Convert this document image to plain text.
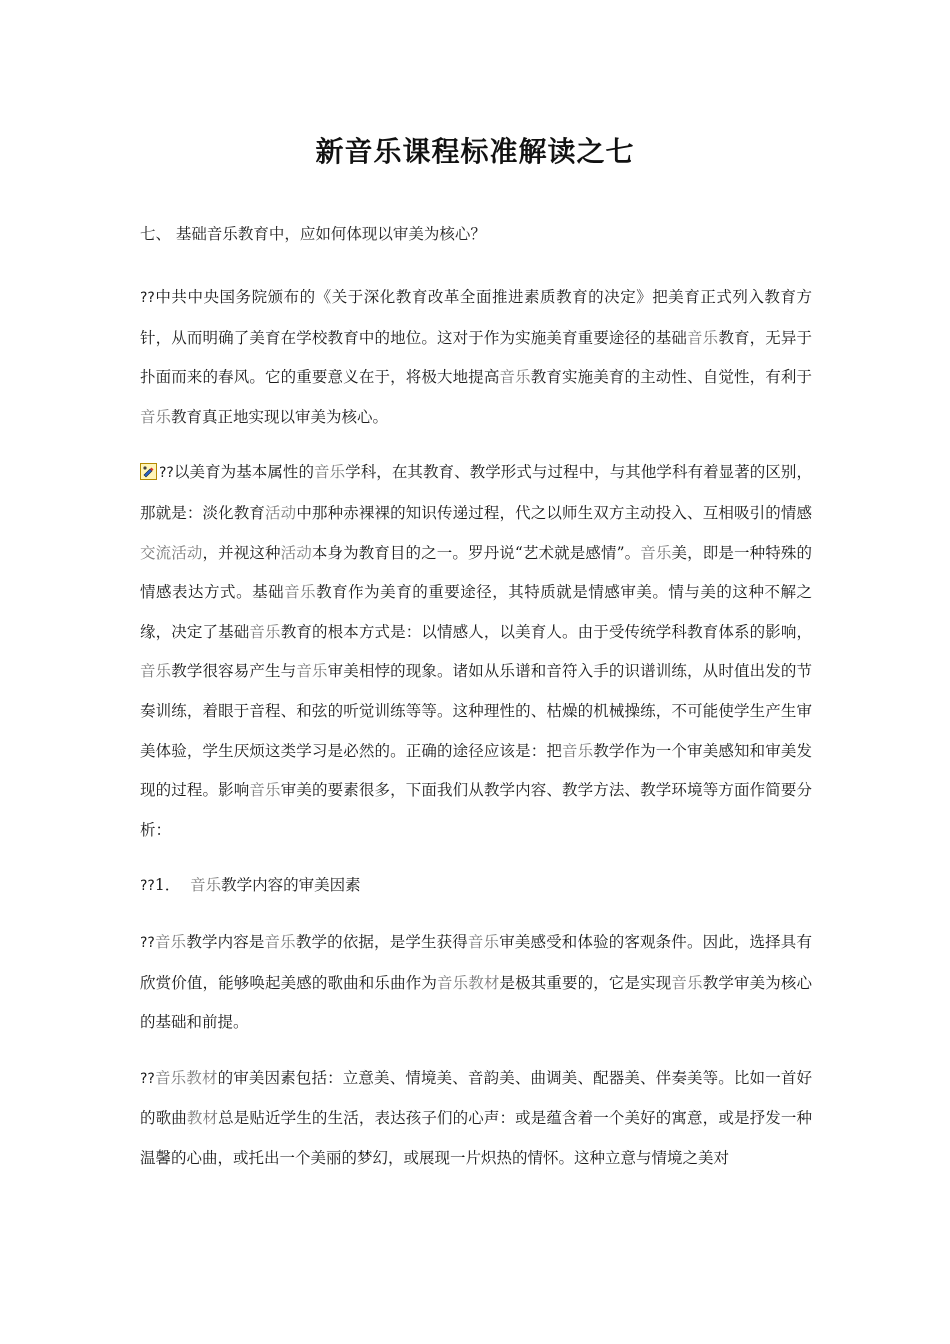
新音乐课程标准解读之七
七、 基础音乐教育中，应如何体现以审美为核心？

??中共中央国务院颁布的《关于深化教育改革全面推进素质教育的决定》把美育正式列入教育方针，从而明确了美育在学校教育中的地位。这对于作为实施美育重要途径的基础音乐教育，无异于扑面而来的春风。它的重要意义在于，将极大地提高音乐教育实施美育的主动性、自觉性，有利于音乐教育真正地实现以审美为核心。

??以美育为基本属性的音乐学科，在其教育、教学形式与过程中，与其他学科有着显著的区别，那就是：淡化教育活动中那种赤裸裸的知识传递过程，代之以师生双方主动投入、互相吸引的情感交流活动，并视这种活动本身为教育目的之一。罗丹说“艺术就是感情”。音乐美，即是一种特殊的情感表达方式。基础音乐教育作为美育的重要途径，其特质就是情感审美。情与美的这种不解之缘，决定了基础音乐教育的根本方式是：以情感人，以美育人。由于受传统学科教育体系的影响，音乐教学很容易产生与音乐审美相悖的现象。诸如从乐谱和音符入手的识谱训练，从时值出发的节奏训练，着眼于音程、和弦的听觉训练等等。这种理性的、枯燥的机械操练，不可能使学生产生审美体验，学生厌烦这类学习是必然的。正确的途径应该是：把音乐教学作为一个审美感知和审美发现的过程。影响音乐审美的要素很多，下面我们从教学内容、教学方法、教学环境等方面作简要分析：

??1． 音乐教学内容的审美因素

??音乐教学内容是音乐教学的依据，是学生获得音乐审美感受和体验的客观条件。因此，选择具有欣赏价值，能够唤起美感的歌曲和乐曲作为音乐教材是极其重要的，它是实现音乐教学审美为核心的基础和前提。

??音乐教材的审美因素包括：立意美、情境美、音韵美、曲调美、配器美、伴奏美等。比如一首好的歌曲教材总是贴近学生的生活，表达孩子们的心声：或是蕴含着一个美好的寓意，或是抒发一种温馨的心曲，或托出一个美丽的梦幻，或展现一片炽热的情怀。这种立意与情境之美对
